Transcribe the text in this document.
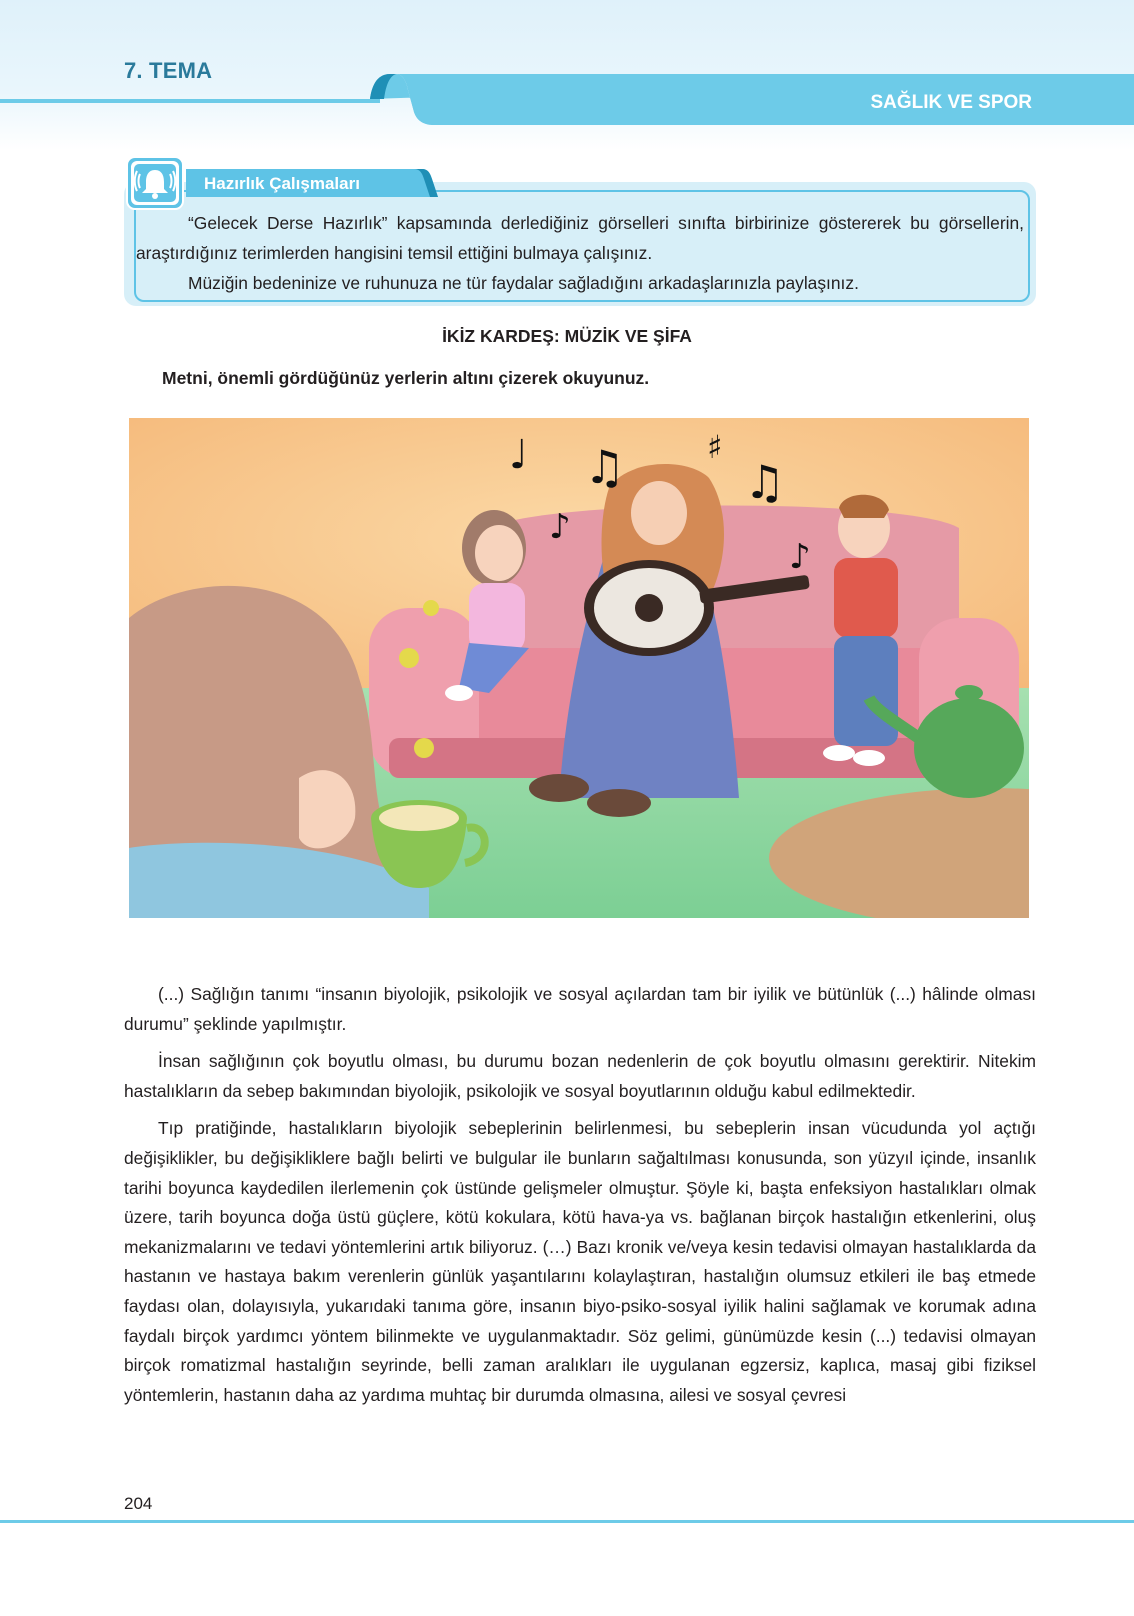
7. TEMA
SAĞLIK VE SPOR
Hazırlık Çalışmaları

“Gelecek Derse Hazırlık” kapsamında derlediğiniz görselleri sınıfta birbirinize göstererek bu görsellerin, araştırdığınız terimlerden hangisini temsil ettiğini bulmaya çalışınız.

Müziğin bedeninize ve ruhunuza ne tür faydalar sağladığını arkadaşlarınızla paylaşınız.

İKİZ KARDEŞ: MÜZİK VE ŞİFA
Metni, önemli gördüğünüz yerlerin altını çizerek okuyunuz.
♩ ♫	♯
♫
♪
♪

(...) Sağlığın tanımı “insanın biyolojik, psikolojik ve sosyal açılardan tam bir iyilik ve bütünlük (...) hâlinde olması durumu” şeklinde yapılmıştır.

İnsan sağlığının çok boyutlu olması, bu durumu bozan nedenlerin de çok boyutlu olmasını gerektirir. Nitekim hastalıkların da sebep bakımından biyolojik, psikolojik ve sosyal boyutlarının olduğu kabul edilmektedir.

Tıp pratiğinde, hastalıkların biyolojik sebeplerinin belirlenmesi, bu sebeplerin insan vücudunda yol açtığı değişiklikler, bu değişikliklere bağlı belirti ve bulgular ile bunların sağaltılması konusunda, son yüzyıl içinde, insanlık tarihi boyunca kaydedilen ilerlemenin çok üstünde gelişmeler olmuştur. Şöyle ki, başta enfeksiyon hastalıkları olmak üzere, tarih boyunca doğa üstü güçlere, kötü kokulara, kötü hava-ya vs. bağlanan birçok hastalığın etkenlerini, oluş mekanizmalarını ve tedavi yöntemlerini artık biliyoruz. (…) Bazı kronik ve/veya kesin tedavisi olmayan hastalıklarda da hastanın ve hastaya bakım verenlerin günlük yaşantılarını kolaylaştıran, hastalığın olumsuz etkileri ile baş etmede faydası olan, dolayısıyla, yukarıdaki tanıma göre, insanın biyo-psiko-sosyal iyilik halini sağlamak ve korumak adına faydalı birçok yardımcı yöntem bilinmekte ve uygulanmaktadır. Söz gelimi, günümüzde kesin (...) tedavisi olmayan birçok romatizmal hastalığın seyrinde, belli zaman aralıkları ile uygulanan egzersiz, kaplıca, masaj gibi fiziksel yöntemlerin, hastanın daha az yardıma muhtaç bir durumda olmasına, ailesi ve sosyal çevresi

204
